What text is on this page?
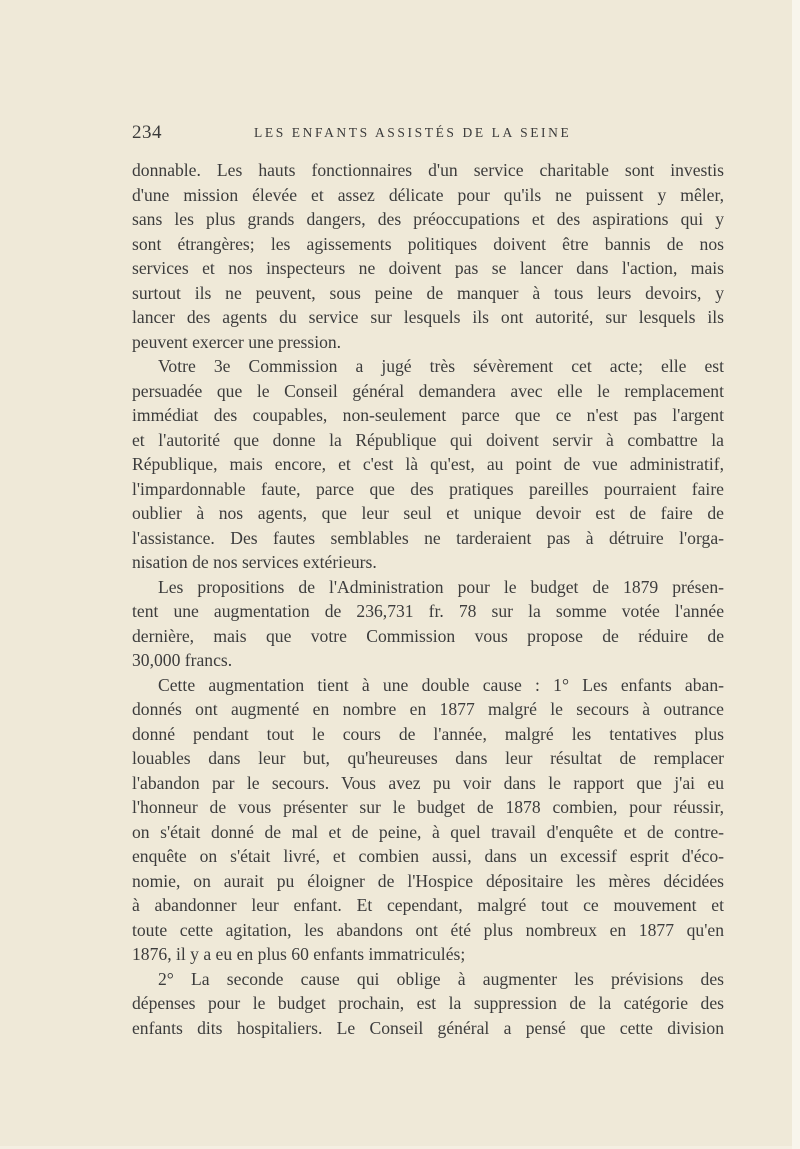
234	LES ENFANTS ASSISTÉS DE LA SEINE
donnable. Les hauts fonctionnaires d'un service charitable sont investis
d'une mission élevée et assez délicate pour qu'ils ne puissent y mêler,
sans les plus grands dangers, des préoccupations et des aspirations qui y
sont étrangères; les agissements politiques doivent être bannis de nos
services et nos inspecteurs ne doivent pas se lancer dans l'action, mais
surtout ils ne peuvent, sous peine de manquer à tous leurs devoirs, y
lancer des agents du service sur lesquels ils ont autorité, sur lesquels ils
peuvent exercer une pression.
Votre 3e Commission a jugé très sévèrement cet acte; elle est
persuadée que le Conseil général demandera avec elle le remplacement
immédiat des coupables, non-seulement parce que ce n'est pas l'argent
et l'autorité que donne la République qui doivent servir à combattre la
République, mais encore, et c'est là qu'est, au point de vue administratif,
l'impardonnable faute, parce que des pratiques pareilles pourraient faire
oublier à nos agents, que leur seul et unique devoir est de faire de
l'assistance. Des fautes semblables ne tarderaient pas à détruire l'orga-
nisation de nos services extérieurs.
Les propositions de l'Administration pour le budget de 1879 présen-
tent une augmentation de 236,731 fr. 78 sur la somme votée l'année
dernière, mais que votre Commission vous propose de réduire de
30,000 francs.
Cette augmentation tient à une double cause : 1° Les enfants aban-
donnés ont augmenté en nombre en 1877 malgré le secours à outrance
donné pendant tout le cours de l'année, malgré les tentatives plus
louables dans leur but, qu'heureuses dans leur résultat de remplacer
l'abandon par le secours. Vous avez pu voir dans le rapport que j'ai eu
l'honneur de vous présenter sur le budget de 1878 combien, pour réussir,
on s'était donné de mal et de peine, à quel travail d'enquête et de contre-
enquête on s'était livré, et combien aussi, dans un excessif esprit d'éco-
nomie, on aurait pu éloigner de l'Hospice dépositaire les mères décidées
à abandonner leur enfant. Et cependant, malgré tout ce mouvement et
toute cette agitation, les abandons ont été plus nombreux en 1877 qu'en
1876, il y a eu en plus 60 enfants immatriculés;
2° La seconde cause qui oblige à augmenter les prévisions des
dépenses pour le budget prochain, est la suppression de la catégorie des
enfants dits hospitaliers. Le Conseil général a pensé que cette division
